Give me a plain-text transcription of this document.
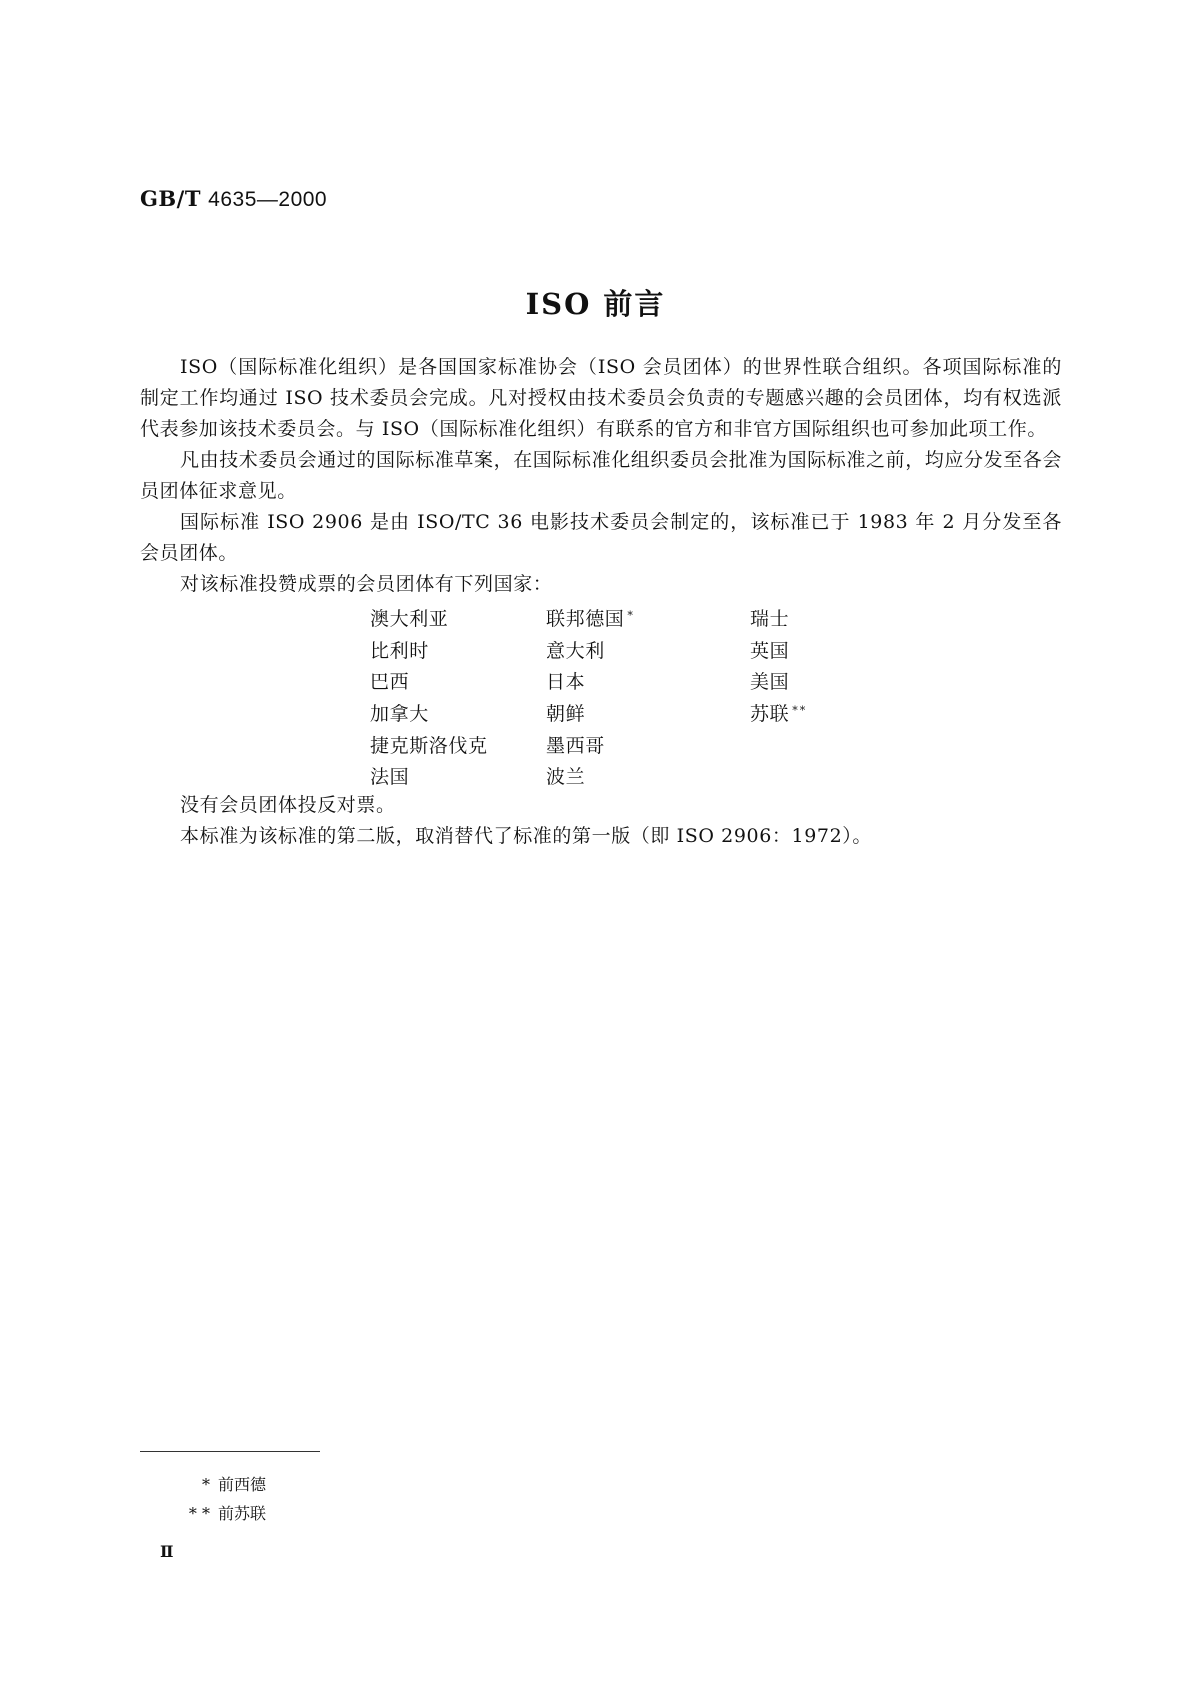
GB/T 4635—2000
ISO 前言

ISO（国际标准化组织）是各国国家标准协会（ISO 会员团体）的世界性联合组织。各项国际标准的制定工作均通过 ISO 技术委员会完成。凡对授权由技术委员会负责的专题感兴趣的会员团体，均有权选派代表参加该技术委员会。与 ISO（国际标准化组织）有联系的官方和非官方国际组织也可参加此项工作。

凡由技术委员会通过的国际标准草案，在国际标准化组织委员会批准为国际标准之前，均应分发至各会员团体征求意见。

国际标准 ISO 2906 是由 ISO/TC 36 电影技术委员会制定的，该标准已于 1983 年 2 月分发至各会员团体。

对该标准投赞成票的会员团体有下列国家：

澳大利亚	联邦德国 *	瑞士
比利时	意大利	英国
巴西	日本	美国
加拿大	朝鲜	苏联 **
捷克斯洛伐克	墨西哥
法国	波兰

没有会员团体投反对票。

本标准为该标准的第二版，取消替代了标准的第一版（即 ISO 2906：1972）。

* 前西德
* * 前苏联
Ⅱ
